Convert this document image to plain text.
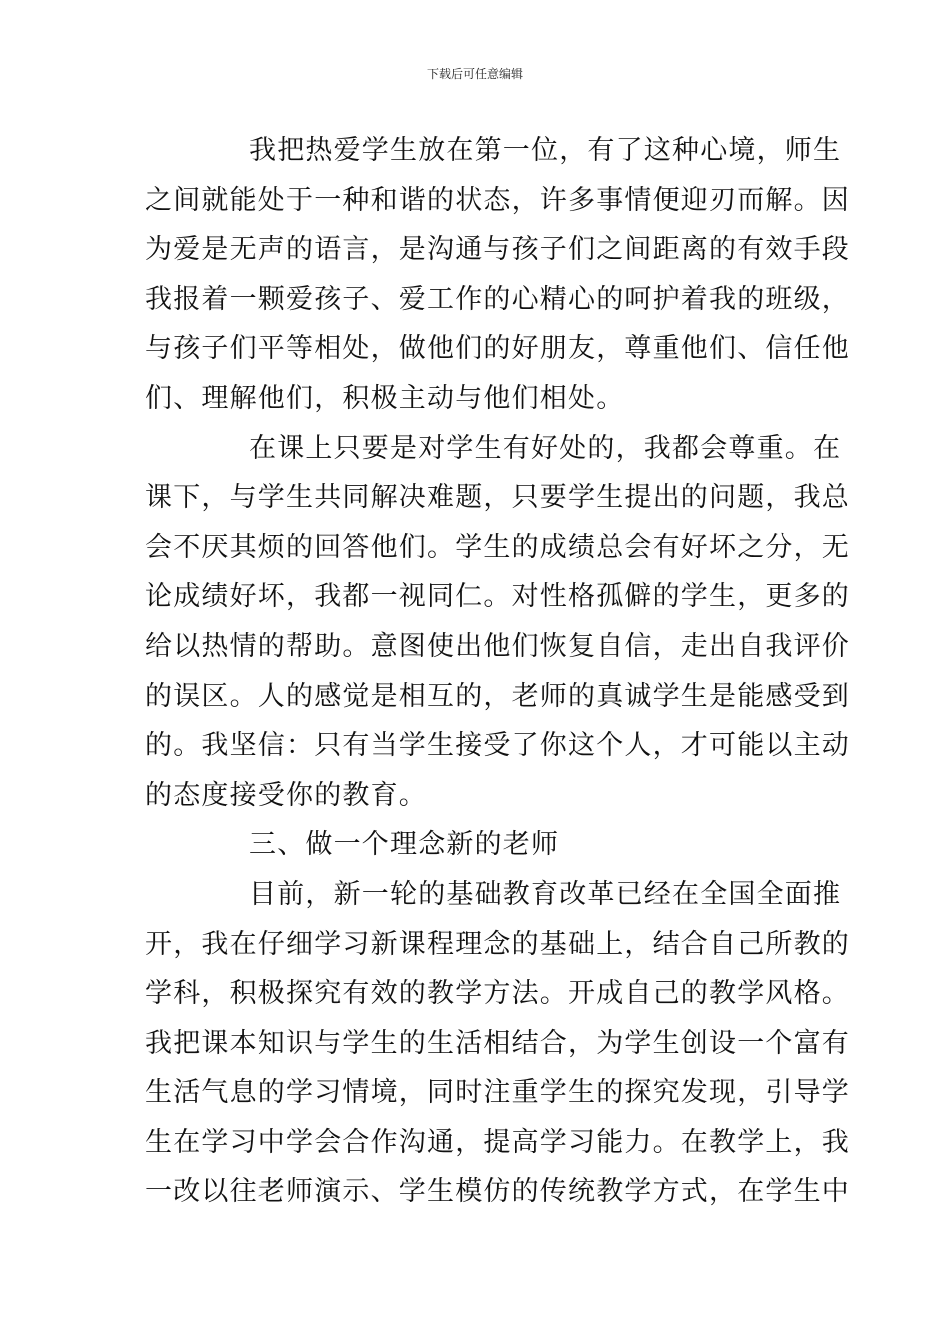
下载后可任意编辑
我把热爱学生放在第一位，有了这种心境，师生
之间就能处于一种和谐的状态，许多事情便迎刃而解。因
为爱是无声的语言，是沟通与孩子们之间距离的有效手段
我报着一颗爱孩子、爱工作的心精心的呵护着我的班级，
与孩子们平等相处，做他们的好朋友，尊重他们、信任他
们、理解他们，积极主动与他们相处。
在课上只要是对学生有好处的，我都会尊重。在
课下，与学生共同解决难题，只要学生提出的问题，我总
会不厌其烦的回答他们。学生的成绩总会有好坏之分，无
论成绩好坏，我都一视同仁。对性格孤僻的学生，更多的
给以热情的帮助。意图使出他们恢复自信，走出自我评价
的误区。人的感觉是相互的，老师的真诚学生是能感受到
的。我坚信：只有当学生接受了你这个人，才可能以主动
的态度接受你的教育。
三、做一个理念新的老师
目前，新一轮的基础教育改革已经在全国全面推
开，我在仔细学习新课程理念的基础上，结合自己所教的
学科，积极探究有效的教学方法。开成自己的教学风格。
我把课本知识与学生的生活相结合，为学生创设一个富有
生活气息的学习情境，同时注重学生的探究发现，引导学
生在学习中学会合作沟通，提高学习能力。在教学上，我
一改以往老师演示、学生模仿的传统教学方式，在学生中
